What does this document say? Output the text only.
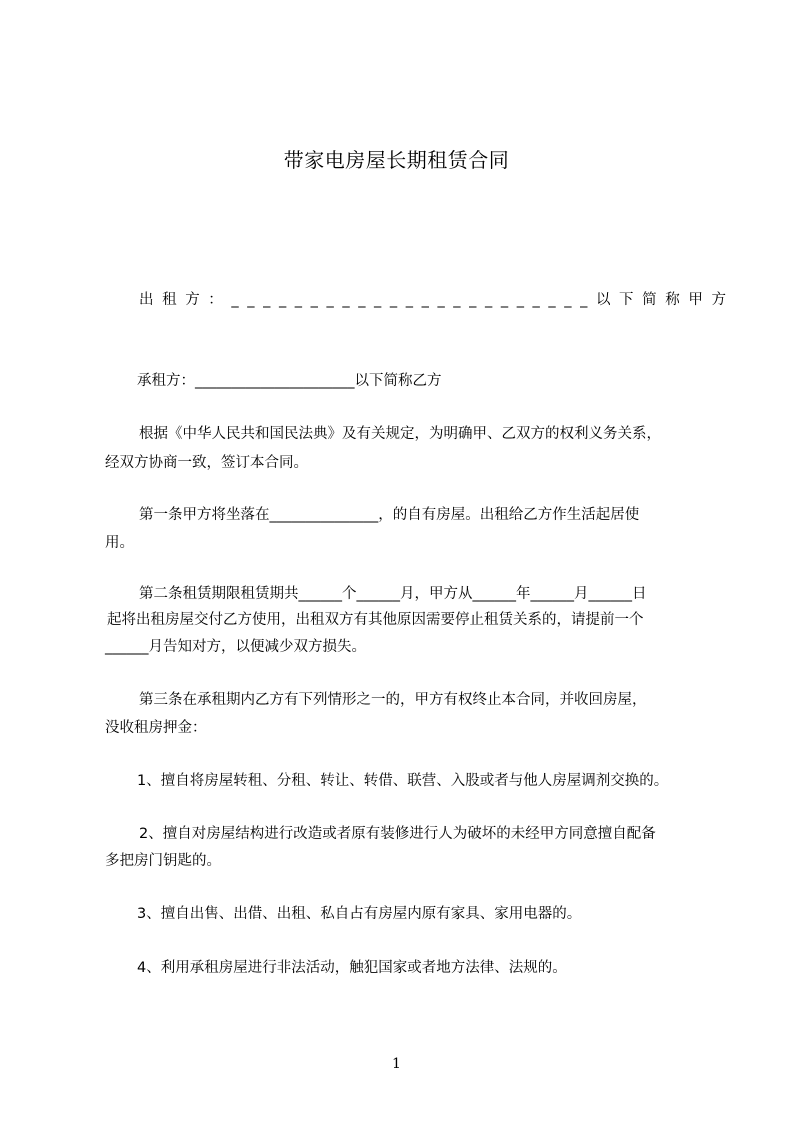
带家电房屋长期租赁合同
出租方：_______________________以下简称甲方
承租方：______________________以下简称乙方
根据《中华人民共和国民法典》及有关规定，为明确甲、乙双方的权利义务关系，
经双方协商一致，签订本合同。
第一条甲方将坐落在_______________，的自有房屋。出租给乙方作生活起居使
用。
第二条租赁期限租赁期共______个______月，甲方从______年______月______日
起将出租房屋交付乙方使用，出租双方有其他原因需要停止租赁关系的，请提前一个
______月告知对方，以便减少双方损失。
第三条在承租期内乙方有下列情形之一的，甲方有权终止本合同，并收回房屋，
没收租房押金：
1、擅自将房屋转租、分租、转让、转借、联营、入股或者与他人房屋调剂交换的。
2、擅自对房屋结构进行改造或者原有装修进行人为破坏的未经甲方同意擅自配备
多把房门钥匙的。
3、擅自出售、出借、出租、私自占有房屋内原有家具、家用电器的。
4、利用承租房屋进行非法活动，触犯国家或者地方法律、法规的。
1
